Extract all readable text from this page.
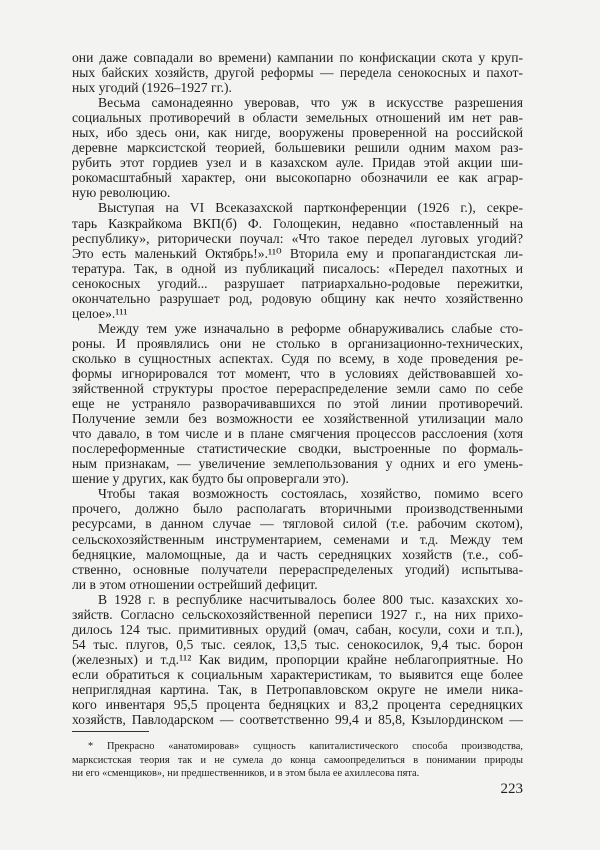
они даже совпадали во времени) кампании по конфискации скота у круп-
ных байских хозяйств, другой реформы — передела сенокосных и пахот-
ных угодий (1926–1927 гг.).
Весьма самонадеянно уверовав, что уж в искусстве разрешения
социальных противоречий в области земельных отношений им нет рав-
ных, ибо здесь они, как нигде, вооружены проверенной на российской
деревне марксистской теорией, большевики решили одним махом раз-
рубить этот гордиев узел и в казахском ауле. Придав этой акции ши-
рокомасштабный характер, они высокопарно обозначили ее как аграр-
ную революцию.
Выступая на VI Всеказахской партконференции (1926 г.), секре-
тарь Казкрайкома ВКП(б) Ф. Голощекин, недавно «поставленный на
республику», риторически поучал: «Что такое передел луговых угодий?
Это есть маленький Октябрь!».¹¹⁰ Вторила ему и пропагандистская ли-
тература. Так, в одной из публикаций писалось: «Передел пахотных и
сенокосных угодий... разрушает патриархально-родовые пережитки,
окончательно разрушает род, родовую общину как нечто хозяйственно
целое».¹¹¹
Между тем уже изначально в реформе обнаруживались слабые сто-
роны. И проявлялись они не столько в организационно-технических,
сколько в сущностных аспектах. Судя по всему, в ходе проведения ре-
формы игнорировался тот момент, что в условиях действовавшей хо-
зяйственной структуры простое перераспределение земли само по себе
еще не устраняло разворачивавшихся по этой линии противоречий.
Получение земли без возможности ее хозяйственной утилизации мало
что давало, в том числе и в плане смягчения процессов расслоения (хотя
послереформенные статистические сводки, выстроенные по формаль-
ным признакам, — увеличение землепользования у одних и его умень-
шение у других, как будто бы опровергали это).
Чтобы такая возможность состоялась, хозяйство, помимо всего
прочего, должно было располагать вторичными производственными
ресурсами, в данном случае — тягловой силой (т.е. рабочим скотом),
сельскохозяйственным инструментарием, семенами и т.д. Между тем
бедняцкие, маломощные, да и часть середняцких хозяйств (т.е., соб-
ственно, основные получатели перераспределеных угодий) испытыва-
ли в этом отношении острейший дефицит.
В 1928 г. в республике насчитывалось более 800 тыс. казахских хо-
зяйств. Согласно сельскохозяйственной переписи 1927 г., на них прихо-
дилось 124 тыс. примитивных орудий (омач, сабан, косули, сохи и т.п.),
54 тыс. плугов, 0,5 тыс. сеялок, 13,5 тыс. сенокосилок, 9,4 тыс. борон
(железных) и т.д.¹¹² Как видим, пропорции крайне неблагоприятные. Но
если обратиться к социальным характеристикам, то выявится еще более
неприглядная картина. Так, в Петропавловском округе не имели ника-
кого инвентаря 95,5 процента бедняцких и 83,2 процента середняцких
хозяйств, Павлодарском — соответственно 99,4 и 85,8, Кзылординском —
* Прекрасно «анатомировав» сущность капиталистического способа производства,
марксистская теория так и не сумела до конца самоопределиться в понимании природы
ни его «сменщиков», ни предшественников, и в этом была ее ахиллесова пята.
223
